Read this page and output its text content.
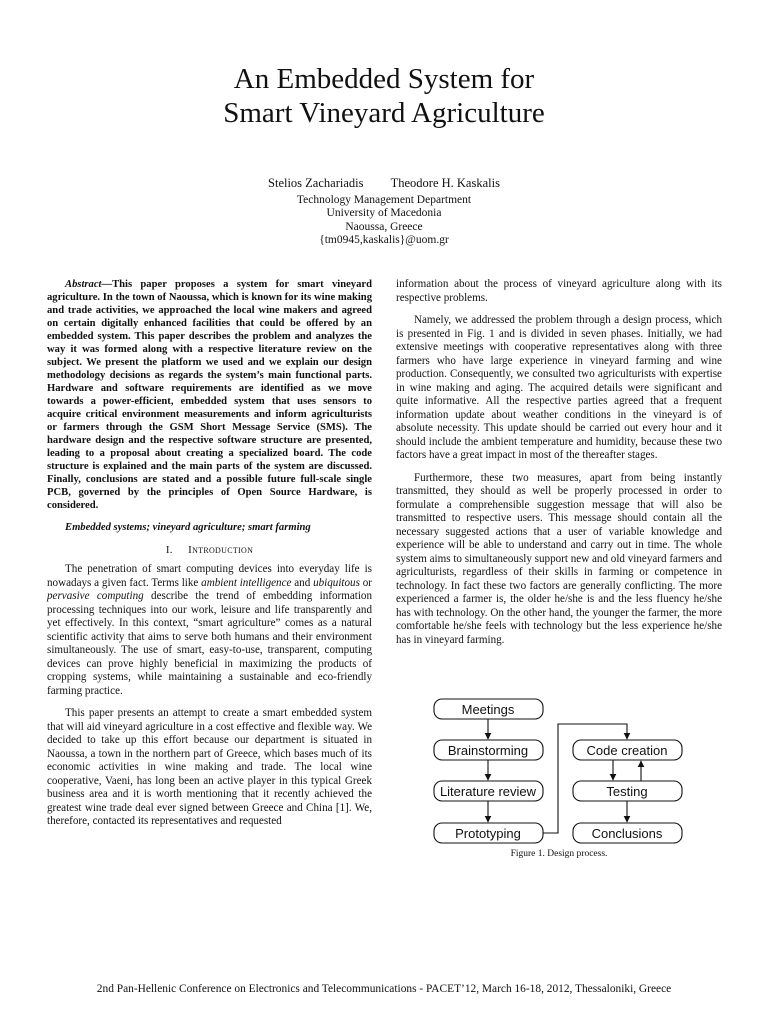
An Embedded System for
Smart Vineyard Agriculture
Stelios Zachariadis Theodore H. Kaskalis
Technology Management Department
University of Macedonia
Naoussa, Greece
{tm0945,kaskalis}@uom.gr

Abstract—This paper proposes a system for smart vineyard agriculture. In the town of Naoussa, which is known for its wine making and trade activities, we approached the local wine makers and agreed on certain digitally enhanced facilities that could be offered by an embedded system. This paper describes the problem and analyzes the way it was formed along with a respective literature review on the subject. We present the platform we used and we explain our design methodology decisions as regards the system’s main functional parts. Hardware and software requirements are identified as we move towards a power-efficient, embedded system that uses sensors to acquire critical environment measurements and inform agriculturists or farmers through the GSM Short Message Service (SMS). The hardware design and the respective software structure are presented, leading to a proposal about creating a specialized board. The code structure is explained and the main parts of the system are discussed. Finally, conclusions are stated and a possible future full-scale single PCB, governed by the principles of Open Source Hardware, is considered.

Embedded systems; vineyard agriculture; smart farming

I. Introduction

The penetration of smart computing devices into everyday life is nowadays a given fact. Terms like ambient intelligence and ubiquitous or pervasive computing describe the trend of embedding information processing techniques into our work, leisure and life transparently and yet effectively. In this context, “smart agriculture” comes as a natural scientific activity that aims to serve both humans and their environment simultaneously. The use of smart, easy-to-use, transparent, computing devices can prove highly beneficial in maximizing the products of cropping systems, while maintaining a sustainable and eco-friendly farming practice.

This paper presents an attempt to create a smart embedded system that will aid vineyard agriculture in a cost effective and flexible way. We decided to take up this effort because our department is situated in Naoussa, a town in the northern part of Greece, which bases much of its economic activities in wine making and trade. The local wine cooperative, Vaeni, has long been an active player in this typical Greek business area and it is worth mentioning that it recently achieved the greatest wine trade deal ever signed between Greece and China [1]. We, therefore, contacted its representatives and requested

information about the process of vineyard agriculture along with its respective problems.

Namely, we addressed the problem through a design process, which is presented in Fig. 1 and is divided in seven phases. Initially, we had extensive meetings with cooperative representatives along with three farmers who have large experience in vineyard farming and wine production. Consequently, we consulted two agriculturists with expertise in wine making and aging. The acquired details were significant and quite informative. All the respective parties agreed that a frequent information update about weather conditions in the vineyard is of absolute necessity. This update should be carried out every hour and it should include the ambient temperature and humidity, because these two factors have a great impact in most of the thereafter stages.

Furthermore, these two measures, apart from being instantly transmitted, they should as well be properly processed in order to formulate a comprehensible suggestion message that will also be transmitted to respective users. This message should contain all the necessary suggested actions that a user of variable knowledge and experience will be able to understand and carry out in time. The whole system aims to simultaneously support new and old vineyard farmers and agriculturists, regardless of their skills in farming or competence in technology. In fact these two factors are generally conflicting. The more experienced a farmer is, the older he/she is and the less fluency he/she has with technology. On the other hand, the younger the farmer, the more comfortable he/she feels with technology but the less experience he/she has in vineyard farming.

Meetings
Brainstorming
Literature review
Prototyping
Code creation
Testing
Conclusions
Figure 1. Design process.
2nd Pan-Hellenic Conference on Electronics and Telecommunications - PACET’12, March 16-18, 2012, Thessaloniki, Greece
